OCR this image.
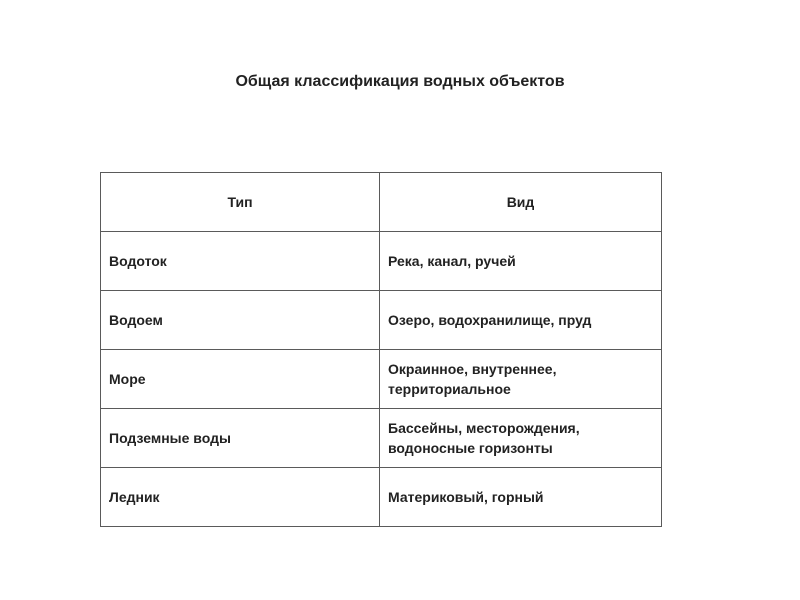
Общая классификация водных объектов
Тип	Вид
Водоток	Река, канал, ручей
Водоем	Озеро, водохранилище, пруд
Море	Окраинное, внутреннее,
территориальное
Подземные воды	Бассейны, месторождения,
водоносные горизонты
Ледник	Материковый, горный
